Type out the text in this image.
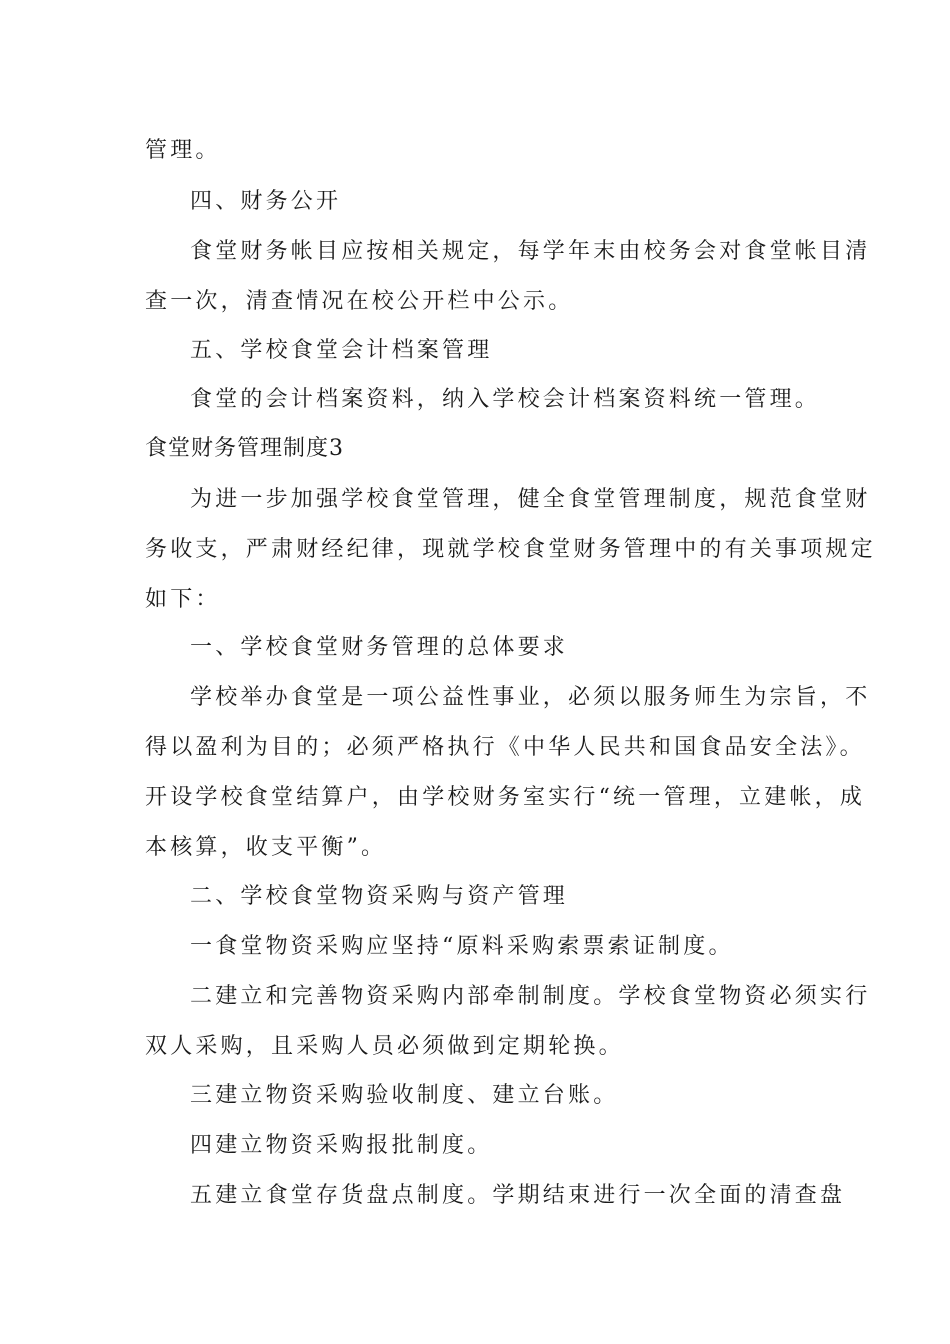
管理。
四、财务公开
食堂财务帐目应按相关规定，每学年末由校务会对食堂帐目清
查一次，清查情况在校公开栏中公示。
五、学校食堂会计档案管理
食堂的会计档案资料，纳入学校会计档案资料统一管理。
食堂财务管理制度3
为进一步加强学校食堂管理，健全食堂管理制度，规范食堂财
务收支，严肃财经纪律，现就学校食堂财务管理中的有关事项规定
如下：
一、学校食堂财务管理的总体要求
学校举办食堂是一项公益性事业，必须以服务师生为宗旨，不
得以盈利为目的；必须严格执行《中华人民共和国食品安全法》。
开设学校食堂结算户，由学校财务室实行“统一管理，立建帐，成
本核算，收支平衡”。
二、学校食堂物资采购与资产管理
一食堂物资采购应坚持“原料采购索票索证制度。
二建立和完善物资采购内部牵制制度。学校食堂物资必须实行
双人采购，且采购人员必须做到定期轮换。
三建立物资采购验收制度、建立台账。
四建立物资采购报批制度。
五建立食堂存货盘点制度。学期结束进行一次全面的清查盘
